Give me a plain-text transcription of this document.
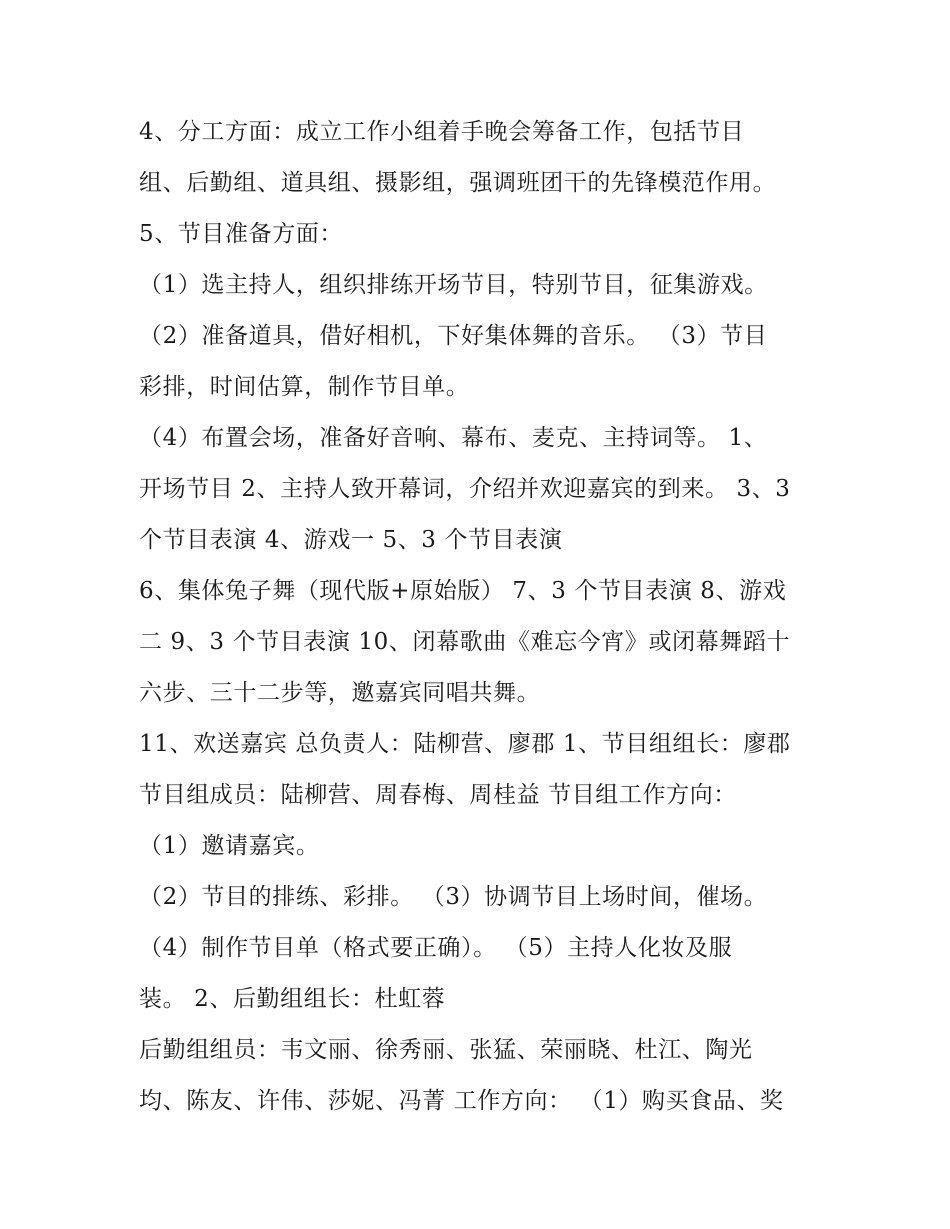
4、分工方面：成立工作小组着手晚会筹备工作，包括节目
组、后勤组、道具组、摄影组，强调班团干的先锋模范作用。
5、节目准备方面：
（1）选主持人，组织排练开场节目，特别节目，征集游戏。
（2）准备道具，借好相机，下好集体舞的音乐。 （3）节目
彩排，时间估算，制作节目单。
（4）布置会场，准备好音响、幕布、麦克、主持词等。 1、
开场节目 2、主持人致开幕词，介绍并欢迎嘉宾的到来。 3、3
个节目表演 4、游戏一 5、3 个节目表演
6、集体兔子舞（现代版+原始版） 7、3 个节目表演 8、游戏
二 9、3 个节目表演 10、闭幕歌曲《难忘今宵》或闭幕舞蹈十
六步、三十二步等，邀嘉宾同唱共舞。
11、欢送嘉宾 总负责人：陆柳营、廖郡 1、节目组组长：廖郡
节目组成员：陆柳营、周春梅、周桂益 节目组工作方向：
（1）邀请嘉宾。
（2）节目的排练、彩排。 （3）协调节目上场时间，催场。
（4）制作节目单（格式要正确）。 （5）主持人化妆及服
装。 2、后勤组组长：杜虹蓉
后勤组组员：韦文丽、徐秀丽、张猛、荣丽晓、杜江、陶光
均、陈友、许伟、莎妮、冯菁 工作方向： （1）购买食品、奖
